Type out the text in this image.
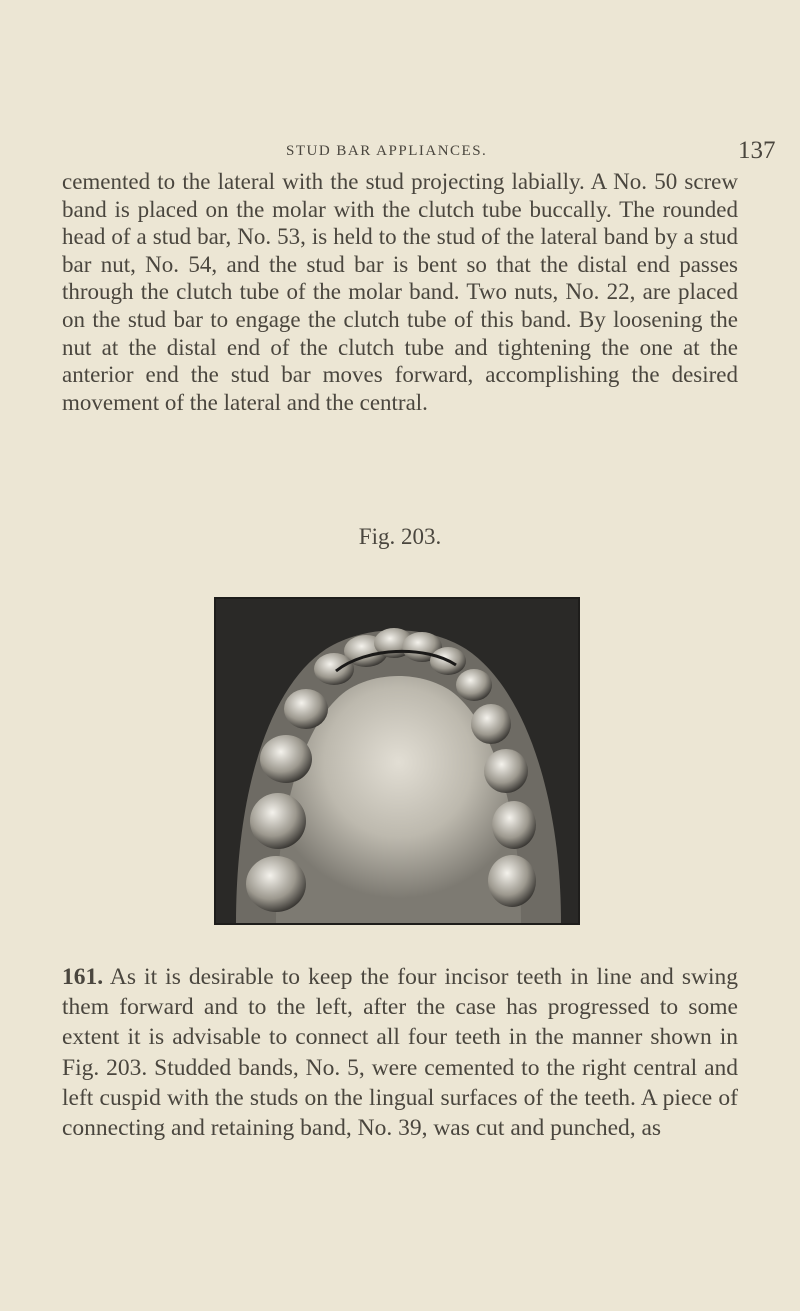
STUD BAR APPLIANCES.	137

cemented to the lateral with the stud projecting labially. A No. 50 screw band is placed on the molar with the clutch tube buccally. The rounded head of a stud bar, No. 53, is held to the stud of the lateral band by a stud bar nut, No. 54, and the stud bar is bent so that the distal end passes through the clutch tube of the molar band. Two nuts, No. 22, are placed on the stud bar to engage the clutch tube of this band. By loosening the nut at the distal end of the clutch tube and tightening the one at the anterior end the stud bar moves forward, accomplishing the desired movement of the lateral and the central.

Fig. 203.

161. As it is desirable to keep the four incisor teeth in line and swing them forward and to the left, after the case has progressed to some extent it is advisable to connect all four teeth in the manner shown in Fig. 203. Studded bands, No. 5, were cemented to the right central and left cuspid with the studs on the lingual surfaces of the teeth. A piece of connecting and retaining band, No. 39, was cut and punched, as
